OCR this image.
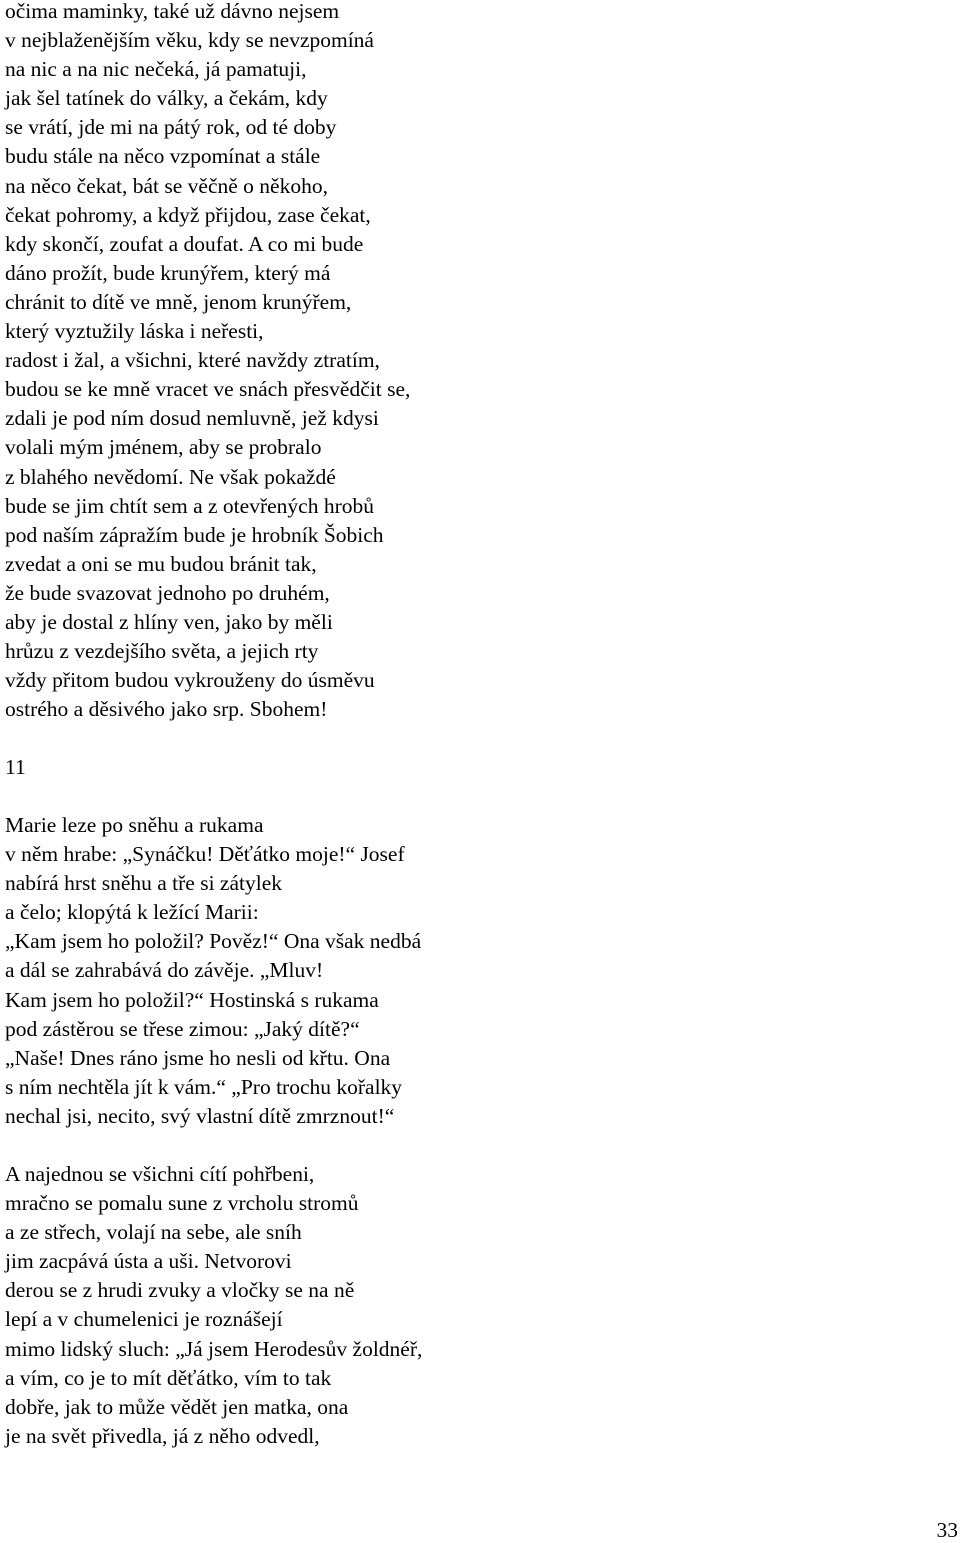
očima maminky, také už dávno nejsem
v nejblaženějším věku, kdy se nevzpomíná
na nic a na nic nečeká, já pamatuji,
jak šel tatínek do války, a čekám, kdy
se vrátí, jde mi na pátý rok, od té doby
budu stále na něco vzpomínat a stále
na něco čekat, bát se věčně o někoho,
čekat pohromy, a když přijdou, zase čekat,
kdy skončí, zoufat a doufat. A co mi bude
dáno prožít, bude krunýřem, který má
chránit to dítě ve mně, jenom krunýřem,
který vyztužily láska i neřesti,
radost i žal, a všichni, které navždy ztratím,
budou se ke mně vracet ve snách přesvědčit se,
zdali je pod ním dosud nemluvně, jež kdysi
volali mým jménem, aby se probralo
z blahého nevědomí. Ne však pokaždé
bude se jim chtít sem a z otevřených hrobů
pod naším zápražím bude je hrobník Šobich
zvedat a oni se mu budou bránit tak,
že bude svazovat jednoho po druhém,
aby je dostal z hlíny ven, jako by měli
hrůzu z vezdejšího světa, a jejich rty
vždy přitom budou vykrouženy do úsměvu
ostrého a děsivého jako srp. Sbohem!
11
Marie leze po sněhu a rukama
v něm hrabe: „Synáčku! Děťátko moje!“ Josef
nabírá hrst sněhu a tře si zátylek
a čelo; klopýtá k ležící Marii:
„Kam jsem ho položil? Pověz!“ Ona však nedbá
a dál se zahrabává do závěje. „Mluv!
Kam jsem ho položil?“ Hostinská s rukama
pod zástěrou se třese zimou: „Jaký dítě?“
„Naše! Dnes ráno jsme ho nesli od křtu. Ona
s ním nechtěla jít k vám.“ „Pro trochu kořalky
nechal jsi, necito, svý vlastní dítě zmrznout!“
A najednou se všichni cítí pohřbeni,
mračno se pomalu sune z vrcholu stromů
a ze střech, volají na sebe, ale sníh
jim zacpává ústa a uši. Netvorovi
derou se z hrudi zvuky a vločky se na ně
lepí a v chumelenici je roznášejí
mimo lidský sluch: „Já jsem Herodesův žoldnéř,
a vím, co je to mít děťátko, vím to tak
dobře, jak to může vědět jen matka, ona
je na svět přivedla, já z něho odvedl,
33
